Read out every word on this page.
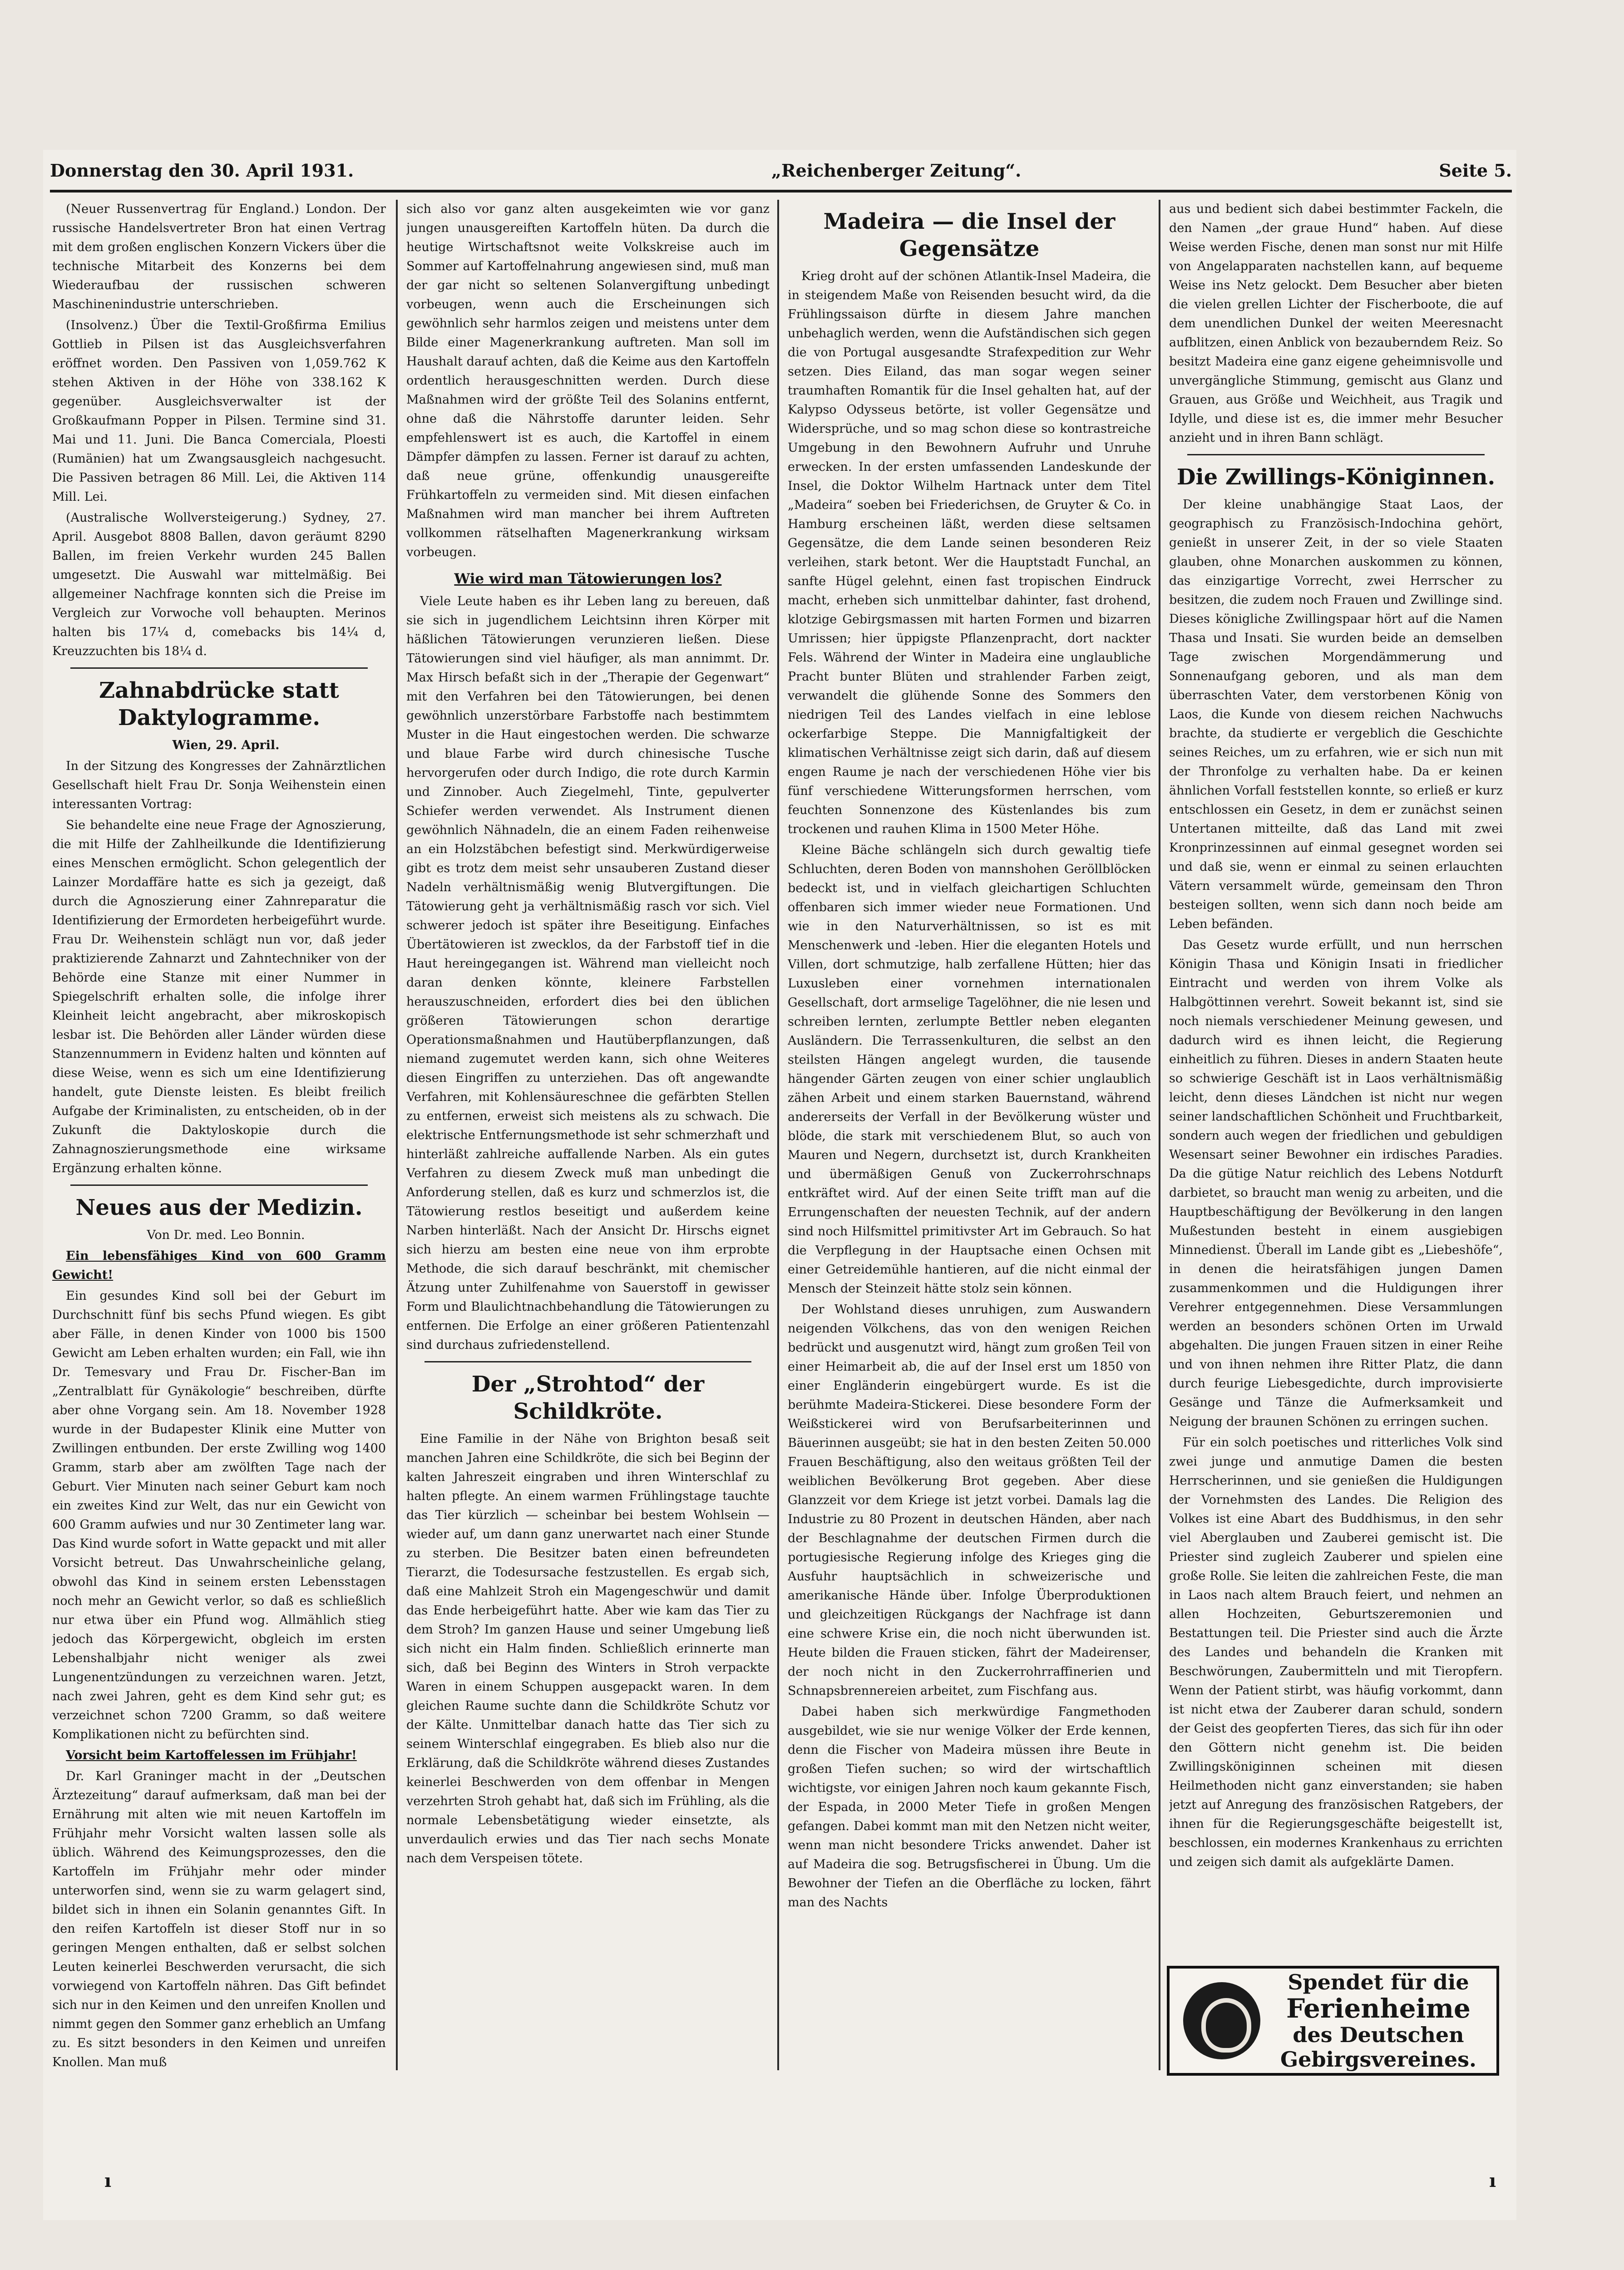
Donnerstag den 30. April 1931.	„Reichenberger Zeitung“.	Seite 5.

(Neuer Russenvertrag für England.) London. Der russische Handelsvertreter Bron hat einen Vertrag mit dem großen englischen Konzern Vickers über die technische Mitarbeit des Konzerns bei dem Wiederaufbau der russischen schweren Maschinenindustrie unterschrieben.

(Insolvenz.) Über die Textil-Großfirma Emilius Gottlieb in Pilsen ist das Ausgleichsverfahren eröffnet worden. Den Passiven von 1,059.762 K stehen Aktiven in der Höhe von 338.162 K gegenüber. Ausgleichsverwalter ist der Großkaufmann Popper in Pilsen. Termine sind 31. Mai und 11. Juni. Die Banca Comerciala, Ploesti (Rumänien) hat um Zwangsausgleich nachgesucht. Die Passiven betragen 86 Mill. Lei, die Aktiven 114 Mill. Lei.

(Australische Wollversteigerung.) Sydney, 27. April. Ausgebot 8808 Ballen, davon geräumt 8290 Ballen, im freien Verkehr wurden 245 Ballen umgesetzt. Die Auswahl war mittelmäßig. Bei allgemeiner Nachfrage konnten sich die Preise im Vergleich zur Vorwoche voll behaupten. Merinos halten bis 17¼ d, comebacks bis 14¼ d, Kreuzzuchten bis 18¼ d.

Zahnabdrücke statt Daktylogramme.

Wien, 29. April.

In der Sitzung des Kongresses der Zahnärztlichen Gesellschaft hielt Frau Dr. Sonja Weihenstein einen interessanten Vortrag:

Sie behandelte eine neue Frage der Agnoszierung, die mit Hilfe der Zahlheilkunde die Identifizierung eines Menschen ermöglicht. Schon gelegentlich der Lainzer Mordaffäre hatte es sich ja gezeigt, daß durch die Agnoszierung einer Zahnreparatur die Identifizierung der Ermordeten herbeigeführt wurde. Frau Dr. Weihenstein schlägt nun vor, daß jeder praktizierende Zahnarzt und Zahntechniker von der Behörde eine Stanze mit einer Nummer in Spiegelschrift erhalten solle, die infolge ihrer Kleinheit leicht angebracht, aber mikroskopisch lesbar ist. Die Behörden aller Länder würden diese Stanzennummern in Evidenz halten und könnten auf diese Weise, wenn es sich um eine Identifizierung handelt, gute Dienste leisten. Es bleibt freilich Aufgabe der Kriminalisten, zu entscheiden, ob in der Zukunft die Daktyloskopie durch die Zahnagnoszierungsmethode eine wirksame Ergänzung erhalten könne.

Neues aus der Medizin.

Von Dr. med. Leo Bonnin.

Ein lebensfähiges Kind von 600 Gramm Gewicht!

Ein gesundes Kind soll bei der Geburt im Durchschnitt fünf bis sechs Pfund wiegen. Es gibt aber Fälle, in denen Kinder von 1000 bis 1500 Gewicht am Leben erhalten wurden; ein Fall, wie ihn Dr. Temesvary und Frau Dr. Fischer-Ban im „Zentralblatt für Gynäkologie“ beschreiben, dürfte aber ohne Vorgang sein. Am 18. November 1928 wurde in der Budapester Klinik eine Mutter von Zwillingen entbunden. Der erste Zwilling wog 1400 Gramm, starb aber am zwölften Tage nach der Geburt. Vier Minuten nach seiner Geburt kam noch ein zweites Kind zur Welt, das nur ein Gewicht von 600 Gramm aufwies und nur 30 Zentimeter lang war. Das Kind wurde sofort in Watte gepackt und mit aller Vorsicht betreut. Das Unwahrscheinliche gelang, obwohl das Kind in seinem ersten Lebensstagen noch mehr an Gewicht verlor, so daß es schließlich nur etwa über ein Pfund wog. Allmählich stieg jedoch das Körpergewicht, obgleich im ersten Lebenshalbjahr nicht weniger als zwei Lungenentzündungen zu verzeichnen waren. Jetzt, nach zwei Jahren, geht es dem Kind sehr gut; es verzeichnet schon 7200 Gramm, so daß weitere Komplikationen nicht zu befürchten sind.

Vorsicht beim Kartoffelessen im Frühjahr!

Dr. Karl Graninger macht in der „Deutschen Ärztezeitung“ darauf aufmerksam, daß man bei der Ernährung mit alten wie mit neuen Kartoffeln im Frühjahr mehr Vorsicht walten lassen solle als üblich. Während des Keimungsprozesses, den die Kartoffeln im Frühjahr mehr oder minder unterworfen sind, wenn sie zu warm gelagert sind, bildet sich in ihnen ein Solanin genanntes Gift. In den reifen Kartoffeln ist dieser Stoff nur in so geringen Mengen enthalten, daß er selbst solchen Leuten keinerlei Beschwerden verursacht, die sich vorwiegend von Kartoffeln nähren. Das Gift befindet sich nur in den Keimen und den unreifen Knollen und nimmt gegen den Sommer ganz erheblich an Umfang zu. Es sitzt besonders in den Keimen und unreifen Knollen. Man muß

sich also vor ganz alten ausgekeimten wie vor ganz jungen unausgereiften Kartoffeln hüten. Da durch die heutige Wirtschaftsnot weite Volkskreise auch im Sommer auf Kartoffelnahrung angewiesen sind, muß man der gar nicht so seltenen Solanvergiftung unbedingt vorbeugen, wenn auch die Erscheinungen sich gewöhnlich sehr harmlos zeigen und meistens unter dem Bilde einer Magenerkrankung auftreten. Man soll im Haushalt darauf achten, daß die Keime aus den Kartoffeln ordentlich herausgeschnitten werden. Durch diese Maßnahmen wird der größte Teil des Solanins entfernt, ohne daß die Nährstoffe darunter leiden. Sehr empfehlenswert ist es auch, die Kartoffel in einem Dämpfer dämpfen zu lassen. Ferner ist darauf zu achten, daß neue grüne, offenkundig unausgereifte Frühkartoffeln zu vermeiden sind. Mit diesen einfachen Maßnahmen wird man mancher bei ihrem Auftreten vollkommen rätselhaften Magenerkrankung wirksam vorbeugen.

Wie wird man Tätowierungen los?

Viele Leute haben es ihr Leben lang zu bereuen, daß sie sich in jugendlichem Leichtsinn ihren Körper mit häßlichen Tätowierungen verunzieren ließen. Diese Tätowierungen sind viel häufiger, als man annimmt. Dr. Max Hirsch befaßt sich in der „Therapie der Gegenwart“ mit den Verfahren bei den Tätowierungen, bei denen gewöhnlich unzerstörbare Farbstoffe nach bestimmtem Muster in die Haut eingestochen werden. Die schwarze und blaue Farbe wird durch chinesische Tusche hervorgerufen oder durch Indigo, die rote durch Karmin und Zinnober. Auch Ziegelmehl, Tinte, gepulverter Schiefer werden verwendet. Als Instrument dienen gewöhnlich Nähnadeln, die an einem Faden reihenweise an ein Holzstäbchen befestigt sind. Merkwürdigerweise gibt es trotz dem meist sehr unsauberen Zustand dieser Nadeln verhältnismäßig wenig Blutvergiftungen. Die Tätowierung geht ja verhältnismäßig rasch vor sich. Viel schwerer jedoch ist später ihre Beseitigung. Einfaches Übertätowieren ist zwecklos, da der Farbstoff tief in die Haut hereingegangen ist. Während man vielleicht noch daran denken könnte, kleinere Farbstellen herauszuschneiden, erfordert dies bei den üblichen größeren Tätowierungen schon derartige Operationsmaßnahmen und Hautüberpflanzungen, daß niemand zugemutet werden kann, sich ohne Weiteres diesen Eingriffen zu unterziehen. Das oft angewandte Verfahren, mit Kohlensäureschnee die gefärbten Stellen zu entfernen, erweist sich meistens als zu schwach. Die elektrische Entfernungsmethode ist sehr schmerzhaft und hinterläßt zahlreiche auffallende Narben. Als ein gutes Verfahren zu diesem Zweck muß man unbedingt die Anforderung stellen, daß es kurz und schmerzlos ist, die Tätowierung restlos beseitigt und außerdem keine Narben hinterläßt. Nach der Ansicht Dr. Hirschs eignet sich hierzu am besten eine neue von ihm erprobte Methode, die sich darauf beschränkt, mit chemischer Ätzung unter Zuhilfenahme von Sauerstoff in gewisser Form und Blaulichtnachbehandlung die Tätowierungen zu entfernen. Die Erfolge an einer größeren Patientenzahl sind durchaus zufriedenstellend.

Der „Strohtod“ der Schildkröte.

Eine Familie in der Nähe von Brighton besaß seit manchen Jahren eine Schildkröte, die sich bei Beginn der kalten Jahreszeit eingraben und ihren Winterschlaf zu halten pflegte. An einem warmen Frühlingstage tauchte das Tier kürzlich — scheinbar bei bestem Wohlsein — wieder auf, um dann ganz unerwartet nach einer Stunde zu sterben. Die Besitzer baten einen befreundeten Tierarzt, die Todesursache festzustellen. Es ergab sich, daß eine Mahlzeit Stroh ein Magengeschwür und damit das Ende herbeigeführt hatte. Aber wie kam das Tier zu dem Stroh? Im ganzen Hause und seiner Umgebung ließ sich nicht ein Halm finden. Schließlich erinnerte man sich, daß bei Beginn des Winters in Stroh verpackte Waren in einem Schuppen ausgepackt waren. In dem gleichen Raume suchte dann die Schildkröte Schutz vor der Kälte. Unmittelbar danach hatte das Tier sich zu seinem Winterschlaf eingegraben. Es blieb also nur die Erklärung, daß die Schildkröte während dieses Zustandes keinerlei Beschwerden von dem offenbar in Mengen verzehrten Stroh gehabt hat, daß sich im Frühling, als die normale Lebensbetätigung wieder einsetzte, als unverdaulich erwies und das Tier nach sechs Monate nach dem Verspeisen tötete.

Madeira — die Insel der Gegensätze

Krieg droht auf der schönen Atlantik-Insel Madeira, die in steigendem Maße von Reisenden besucht wird, da die Frühlingssaison dürfte in diesem Jahre manchen unbehaglich werden, wenn die Aufständischen sich gegen die von Portugal ausgesandte Strafexpedition zur Wehr setzen. Dies Eiland, das man sogar wegen seiner traumhaften Romantik für die Insel gehalten hat, auf der Kalypso Odysseus betörte, ist voller Gegensätze und Widersprüche, und so mag schon diese so kontrastreiche Umgebung in den Bewohnern Aufruhr und Unruhe erwecken. In der ersten umfassenden Landeskunde der Insel, die Doktor Wilhelm Hartnack unter dem Titel „Madeira“ soeben bei Friederichsen, de Gruyter & Co. in Hamburg erscheinen läßt, werden diese seltsamen Gegensätze, die dem Lande seinen besonderen Reiz verleihen, stark betont. Wer die Hauptstadt Funchal, an sanfte Hügel gelehnt, einen fast tropischen Eindruck macht, erheben sich unmittelbar dahinter, fast drohend, klotzige Gebirgsmassen mit harten Formen und bizarren Umrissen; hier üppigste Pflanzenpracht, dort nackter Fels. Während der Winter in Madeira eine unglaubliche Pracht bunter Blüten und strahlender Farben zeigt, verwandelt die glühende Sonne des Sommers den niedrigen Teil des Landes vielfach in eine leblose ockerfarbige Steppe. Die Mannigfaltigkeit der klimatischen Verhältnisse zeigt sich darin, daß auf diesem engen Raume je nach der verschiedenen Höhe vier bis fünf verschiedene Witterungsformen herrschen, vom feuchten Sonnenzone des Küstenlandes bis zum trockenen und rauhen Klima in 1500 Meter Höhe.

Kleine Bäche schlängeln sich durch gewaltig tiefe Schluchten, deren Boden von mannshohen Geröllblöcken bedeckt ist, und in vielfach gleichartigen Schluchten offenbaren sich immer wieder neue Formationen. Und wie in den Naturverhältnissen, so ist es mit Menschenwerk und -leben. Hier die eleganten Hotels und Villen, dort schmutzige, halb zerfallene Hütten; hier das Luxusleben einer vornehmen internationalen Gesellschaft, dort armselige Tagelöhner, die nie lesen und schreiben lernten, zerlumpte Bettler neben eleganten Ausländern. Die Terrassenkulturen, die selbst an den steilsten Hängen angelegt wurden, die tausende hängender Gärten zeugen von einer schier unglaublich zähen Arbeit und einem starken Bauernstand, während andererseits der Verfall in der Bevölkerung wüster und blöde, die stark mit verschiedenem Blut, so auch von Mauren und Negern, durchsetzt ist, durch Krankheiten und übermäßigen Genuß von Zuckerrohrschnaps entkräftet wird. Auf der einen Seite trifft man auf die Errungenschaften der neuesten Technik, auf der andern sind noch Hilfsmittel primitivster Art im Gebrauch. So hat die Verpflegung in der Hauptsache einen Ochsen mit einer Getreidemühle hantieren, auf die nicht einmal der Mensch der Steinzeit hätte stolz sein können.

Der Wohlstand dieses unruhigen, zum Auswandern neigenden Völkchens, das von den wenigen Reichen bedrückt und ausgenutzt wird, hängt zum großen Teil von einer Heimarbeit ab, die auf der Insel erst um 1850 von einer Engländerin eingebürgert wurde. Es ist die berühmte Madeira-Stickerei. Diese besondere Form der Weißstickerei wird von Berufsarbeiterinnen und Bäuerinnen ausgeübt; sie hat in den besten Zeiten 50.000 Frauen Beschäftigung, also den weitaus größten Teil der weiblichen Bevölkerung Brot gegeben. Aber diese Glanzzeit vor dem Kriege ist jetzt vorbei. Damals lag die Industrie zu 80 Prozent in deutschen Händen, aber nach der Beschlagnahme der deutschen Firmen durch die portugiesische Regierung infolge des Krieges ging die Ausfuhr hauptsächlich in schweizerische und amerikanische Hände über. Infolge Überproduktionen und gleichzeitigen Rückgangs der Nachfrage ist dann eine schwere Krise ein, die noch nicht überwunden ist. Heute bilden die Frauen sticken, fährt der Madeirenser, der noch nicht in den Zuckerrohrraffinerien und Schnapsbrennereien arbeitet, zum Fischfang aus.

Dabei haben sich merkwürdige Fangmethoden ausgebildet, wie sie nur wenige Völker der Erde kennen, denn die Fischer von Madeira müssen ihre Beute in großen Tiefen suchen; so wird der wirtschaftlich wichtigste, vor einigen Jahren noch kaum gekannte Fisch, der Espada, in 2000 Meter Tiefe in großen Mengen gefangen. Dabei kommt man mit den Netzen nicht weiter, wenn man nicht besondere Tricks anwendet. Daher ist auf Madeira die sog. Betrugsfischerei in Übung. Um die Bewohner der Tiefen an die Oberfläche zu locken, fährt man des Nachts

aus und bedient sich dabei bestimmter Fackeln, die den Namen „der graue Hund“ haben. Auf diese Weise werden Fische, denen man sonst nur mit Hilfe von Angelapparaten nachstellen kann, auf bequeme Weise ins Netz gelockt. Dem Besucher aber bieten die vielen grellen Lichter der Fischerboote, die auf dem unendlichen Dunkel der weiten Meeresnacht aufblitzen, einen Anblick von bezauberndem Reiz. So besitzt Madeira eine ganz eigene geheimnisvolle und unvergängliche Stimmung, gemischt aus Glanz und Grauen, aus Größe und Weichheit, aus Tragik und Idylle, und diese ist es, die immer mehr Besucher anzieht und in ihren Bann schlägt.

Die Zwillings-Königinnen.

Der kleine unabhängige Staat Laos, der geographisch zu Französisch-Indochina gehört, genießt in unserer Zeit, in der so viele Staaten glauben, ohne Monarchen auskommen zu können, das einzigartige Vorrecht, zwei Herrscher zu besitzen, die zudem noch Frauen und Zwillinge sind. Dieses königliche Zwillingspaar hört auf die Namen Thasa und Insati. Sie wurden beide an demselben Tage zwischen Morgendämmerung und Sonnenaufgang geboren, und als man dem überraschten Vater, dem verstorbenen König von Laos, die Kunde von diesem reichen Nachwuchs brachte, da studierte er vergeblich die Geschichte seines Reiches, um zu erfahren, wie er sich nun mit der Thronfolge zu verhalten habe. Da er keinen ähnlichen Vorfall feststellen konnte, so erließ er kurz entschlossen ein Gesetz, in dem er zunächst seinen Untertanen mitteilte, daß das Land mit zwei Kronprinzessinnen auf einmal gesegnet worden sei und daß sie, wenn er einmal zu seinen erlauchten Vätern versammelt würde, gemeinsam den Thron besteigen sollten, wenn sich dann noch beide am Leben befänden.

Das Gesetz wurde erfüllt, und nun herrschen Königin Thasa und Königin Insati in friedlicher Eintracht und werden von ihrem Volke als Halbgöttinnen verehrt. Soweit bekannt ist, sind sie noch niemals verschiedener Meinung gewesen, und dadurch wird es ihnen leicht, die Regierung einheitlich zu führen. Dieses in andern Staaten heute so schwierige Geschäft ist in Laos verhältnismäßig leicht, denn dieses Ländchen ist nicht nur wegen seiner landschaftlichen Schönheit und Fruchtbarkeit, sondern auch wegen der friedlichen und gebuldigen Wesensart seiner Bewohner ein irdisches Paradies. Da die gütige Natur reichlich des Lebens Notdurft darbietet, so braucht man wenig zu arbeiten, und die Hauptbeschäftigung der Bevölkerung in den langen Mußestunden besteht in einem ausgiebigen Minnedienst. Überall im Lande gibt es „Liebeshöfe“, in denen die heiratsfähigen jungen Damen zusammenkommen und die Huldigungen ihrer Verehrer entgegennehmen. Diese Versammlungen werden an besonders schönen Orten im Urwald abgehalten. Die jungen Frauen sitzen in einer Reihe und von ihnen nehmen ihre Ritter Platz, die dann durch feurige Liebesgedichte, durch improvisierte Gesänge und Tänze die Aufmerksamkeit und Neigung der braunen Schönen zu erringen suchen.

Für ein solch poetisches und ritterliches Volk sind zwei junge und anmutige Damen die besten Herrscherinnen, und sie genießen die Huldigungen der Vornehmsten des Landes. Die Religion des Volkes ist eine Abart des Buddhismus, in den sehr viel Aberglauben und Zauberei gemischt ist. Die Priester sind zugleich Zauberer und spielen eine große Rolle. Sie leiten die zahlreichen Feste, die man in Laos nach altem Brauch feiert, und nehmen an allen Hochzeiten, Geburtszeremonien und Bestattungen teil. Die Priester sind auch die Ärzte des Landes und behandeln die Kranken mit Beschwörungen, Zaubermitteln und mit Tieropfern. Wenn der Patient stirbt, was häufig vorkommt, dann ist nicht etwa der Zauberer daran schuld, sondern der Geist des geopferten Tieres, das sich für ihn oder den Göttern nicht genehm ist. Die beiden Zwillingsköniginnen scheinen mit diesen Heilmethoden nicht ganz einverstanden; sie haben jetzt auf Anregung des französischen Ratgebers, der ihnen für die Regierungsgeschäfte beigestellt ist, beschlossen, ein modernes Krankenhaus zu errichten und zeigen sich damit als aufgeklärte Damen.

Spendet für die
Ferienheime
des Deutschen
Gebirgsvereines.
ı	ı
